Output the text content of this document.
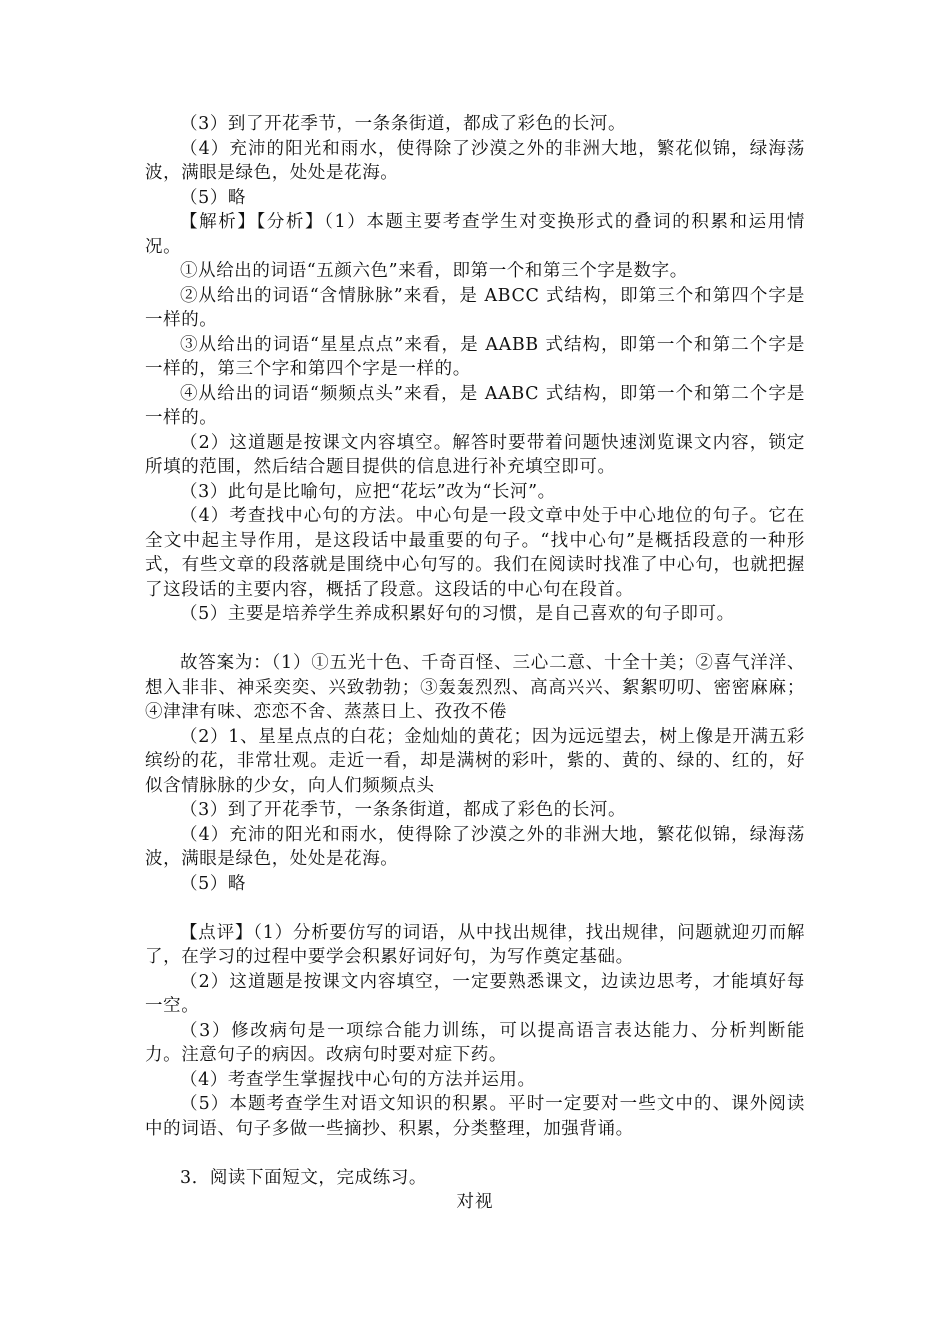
（3）到了开花季节，一条条街道，都成了彩色的长河。

（4）充沛的阳光和雨水，使得除了沙漠之外的非洲大地，繁花似锦，绿海荡波，满眼是绿色，处处是花海。

（5）略

【解析】【分析】（1）本题主要考查学生对变换形式的叠词的积累和运用情况。

①从给出的词语“五颜六色”来看，即第一个和第三个字是数字。

②从给出的词语“含情脉脉”来看，是 ABCC 式结构，即第三个和第四个字是一样的。

③从给出的词语“星星点点”来看，是 AABB 式结构，即第一个和第二个字是一样的，第三个字和第四个字是一样的。

④从给出的词语“频频点头”来看，是 AABC 式结构，即第一个和第二个字是一样的。

（2）这道题是按课文内容填空。解答时要带着问题快速浏览课文内容，锁定所填的范围，然后结合题目提供的信息进行补充填空即可。

（3）此句是比喻句，应把“花坛”改为“长河”。

（4）考查找中心句的方法。中心句是一段文章中处于中心地位的句子。它在全文中起主导作用，是这段话中最重要的句子。“找中心句”是概括段意的一种形式，有些文章的段落就是围绕中心句写的。我们在阅读时找准了中心句，也就把握了这段话的主要内容，概括了段意。这段话的中心句在段首。

（5）主要是培养学生养成积累好句的习惯，是自己喜欢的句子即可。

故答案为：（1）①五光十色、千奇百怪、三心二意、十全十美；②喜气洋洋、想入非非、神采奕奕、兴致勃勃；③轰轰烈烈、高高兴兴、絮絮叨叨、密密麻麻；④津津有味、恋恋不舍、蒸蒸日上、孜孜不倦

（2）1、星星点点的白花；金灿灿的黄花；因为远远望去，树上像是开满五彩缤纷的花，非常壮观。走近一看，却是满树的彩叶，紫的、黄的、绿的、红的，好似含情脉脉的少女，向人们频频点头

（3）到了开花季节，一条条街道，都成了彩色的长河。

（4）充沛的阳光和雨水，使得除了沙漠之外的非洲大地，繁花似锦，绿海荡波，满眼是绿色，处处是花海。

（5）略

【点评】（1）分析要仿写的词语，从中找出规律，找出规律，问题就迎刃而解了，在学习的过程中要学会积累好词好句，为写作奠定基础。

（2）这道题是按课文内容填空，一定要熟悉课文，边读边思考，才能填好每一空。

（3）修改病句是一项综合能力训练，可以提高语言表达能力、分析判断能力。注意句子的病因。改病句时要对症下药。

（4）考查学生掌握找中心句的方法并运用。

（5）本题考查学生对语文知识的积累。平时一定要对一些文中的、课外阅读中的词语、句子多做一些摘抄、积累，分类整理，加强背诵。

3．阅读下面短文，完成练习。

对视
